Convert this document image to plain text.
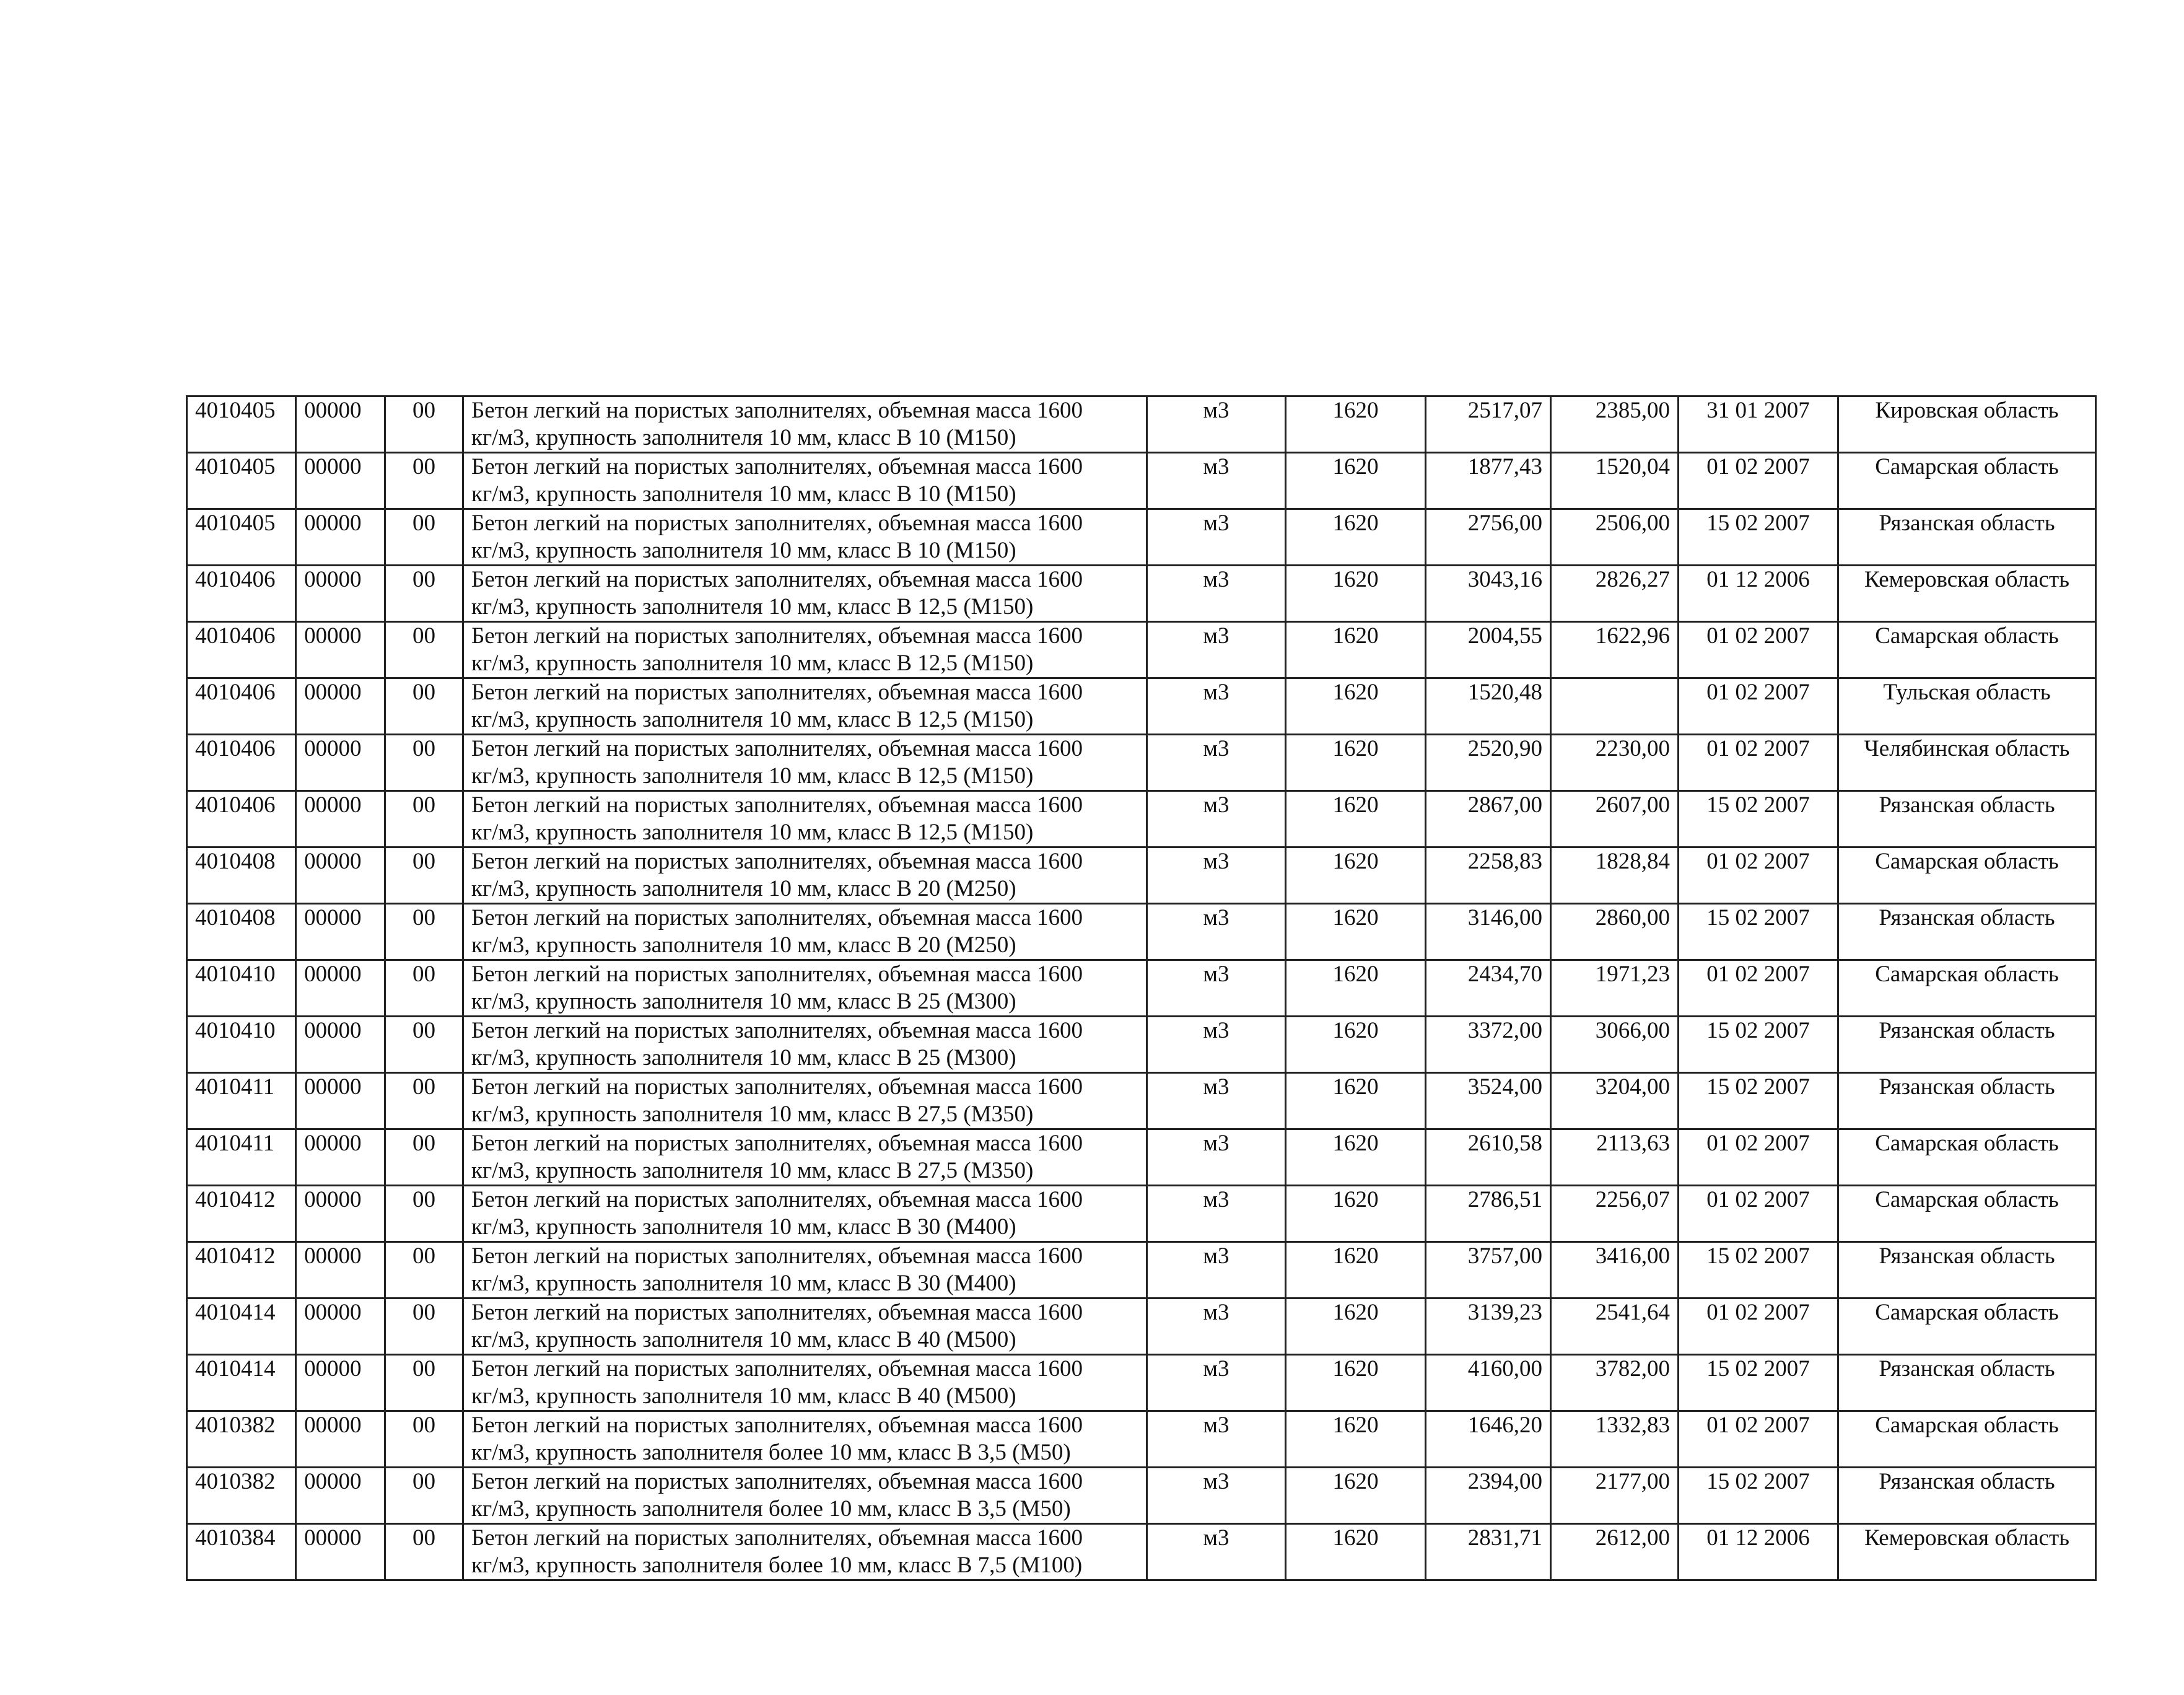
4010405	00000	00	Бетон легкий на пористых заполнителях, объемная масса 1600
кг/м3, крупность заполнителя 10 мм, класс В 10 (М150)	м3	1620	2517,07	2385,00	31 01 2007	Кировская область
4010405	00000	00	Бетон легкий на пористых заполнителях, объемная масса 1600
кг/м3, крупность заполнителя 10 мм, класс В 10 (М150)	м3	1620	1877,43	1520,04	01 02 2007	Самарская область
4010405	00000	00	Бетон легкий на пористых заполнителях, объемная масса 1600
кг/м3, крупность заполнителя 10 мм, класс В 10 (М150)	м3	1620	2756,00	2506,00	15 02 2007	Рязанская область
4010406	00000	00	Бетон легкий на пористых заполнителях, объемная масса 1600
кг/м3, крупность заполнителя 10 мм, класс В 12,5 (М150)	м3	1620	3043,16	2826,27	01 12 2006	Кемеровская область
4010406	00000	00	Бетон легкий на пористых заполнителях, объемная масса 1600
кг/м3, крупность заполнителя 10 мм, класс В 12,5 (М150)	м3	1620	2004,55	1622,96	01 02 2007	Самарская область
4010406	00000	00	Бетон легкий на пористых заполнителях, объемная масса 1600
кг/м3, крупность заполнителя 10 мм, класс В 12,5 (М150)	м3	1620	1520,48		01 02 2007	Тульская область
4010406	00000	00	Бетон легкий на пористых заполнителях, объемная масса 1600
кг/м3, крупность заполнителя 10 мм, класс В 12,5 (М150)	м3	1620	2520,90	2230,00	01 02 2007	Челябинская область
4010406	00000	00	Бетон легкий на пористых заполнителях, объемная масса 1600
кг/м3, крупность заполнителя 10 мм, класс В 12,5 (М150)	м3	1620	2867,00	2607,00	15 02 2007	Рязанская область
4010408	00000	00	Бетон легкий на пористых заполнителях, объемная масса 1600
кг/м3, крупность заполнителя 10 мм, класс В 20 (М250)	м3	1620	2258,83	1828,84	01 02 2007	Самарская область
4010408	00000	00	Бетон легкий на пористых заполнителях, объемная масса 1600
кг/м3, крупность заполнителя 10 мм, класс В 20 (М250)	м3	1620	3146,00	2860,00	15 02 2007	Рязанская область
4010410	00000	00	Бетон легкий на пористых заполнителях, объемная масса 1600
кг/м3, крупность заполнителя 10 мм, класс В 25 (М300)	м3	1620	2434,70	1971,23	01 02 2007	Самарская область
4010410	00000	00	Бетон легкий на пористых заполнителях, объемная масса 1600
кг/м3, крупность заполнителя 10 мм, класс В 25 (М300)	м3	1620	3372,00	3066,00	15 02 2007	Рязанская область
4010411	00000	00	Бетон легкий на пористых заполнителях, объемная масса 1600
кг/м3, крупность заполнителя 10 мм, класс В 27,5 (М350)	м3	1620	3524,00	3204,00	15 02 2007	Рязанская область
4010411	00000	00	Бетон легкий на пористых заполнителях, объемная масса 1600
кг/м3, крупность заполнителя 10 мм, класс В 27,5 (М350)	м3	1620	2610,58	2113,63	01 02 2007	Самарская область
4010412	00000	00	Бетон легкий на пористых заполнителях, объемная масса 1600
кг/м3, крупность заполнителя 10 мм, класс В 30 (М400)	м3	1620	2786,51	2256,07	01 02 2007	Самарская область
4010412	00000	00	Бетон легкий на пористых заполнителях, объемная масса 1600
кг/м3, крупность заполнителя 10 мм, класс В 30 (М400)	м3	1620	3757,00	3416,00	15 02 2007	Рязанская область
4010414	00000	00	Бетон легкий на пористых заполнителях, объемная масса 1600
кг/м3, крупность заполнителя 10 мм, класс В 40 (М500)	м3	1620	3139,23	2541,64	01 02 2007	Самарская область
4010414	00000	00	Бетон легкий на пористых заполнителях, объемная масса 1600
кг/м3, крупность заполнителя 10 мм, класс В 40 (М500)	м3	1620	4160,00	3782,00	15 02 2007	Рязанская область
4010382	00000	00	Бетон легкий на пористых заполнителях, объемная масса 1600
кг/м3, крупность заполнителя более 10 мм, класс В 3,5 (М50)	м3	1620	1646,20	1332,83	01 02 2007	Самарская область
4010382	00000	00	Бетон легкий на пористых заполнителях, объемная масса 1600
кг/м3, крупность заполнителя более 10 мм, класс В 3,5 (М50)	м3	1620	2394,00	2177,00	15 02 2007	Рязанская область
4010384	00000	00	Бетон легкий на пористых заполнителях, объемная масса 1600
кг/м3, крупность заполнителя более 10 мм, класс В 7,5 (М100)	м3	1620	2831,71	2612,00	01 12 2006	Кемеровская область
